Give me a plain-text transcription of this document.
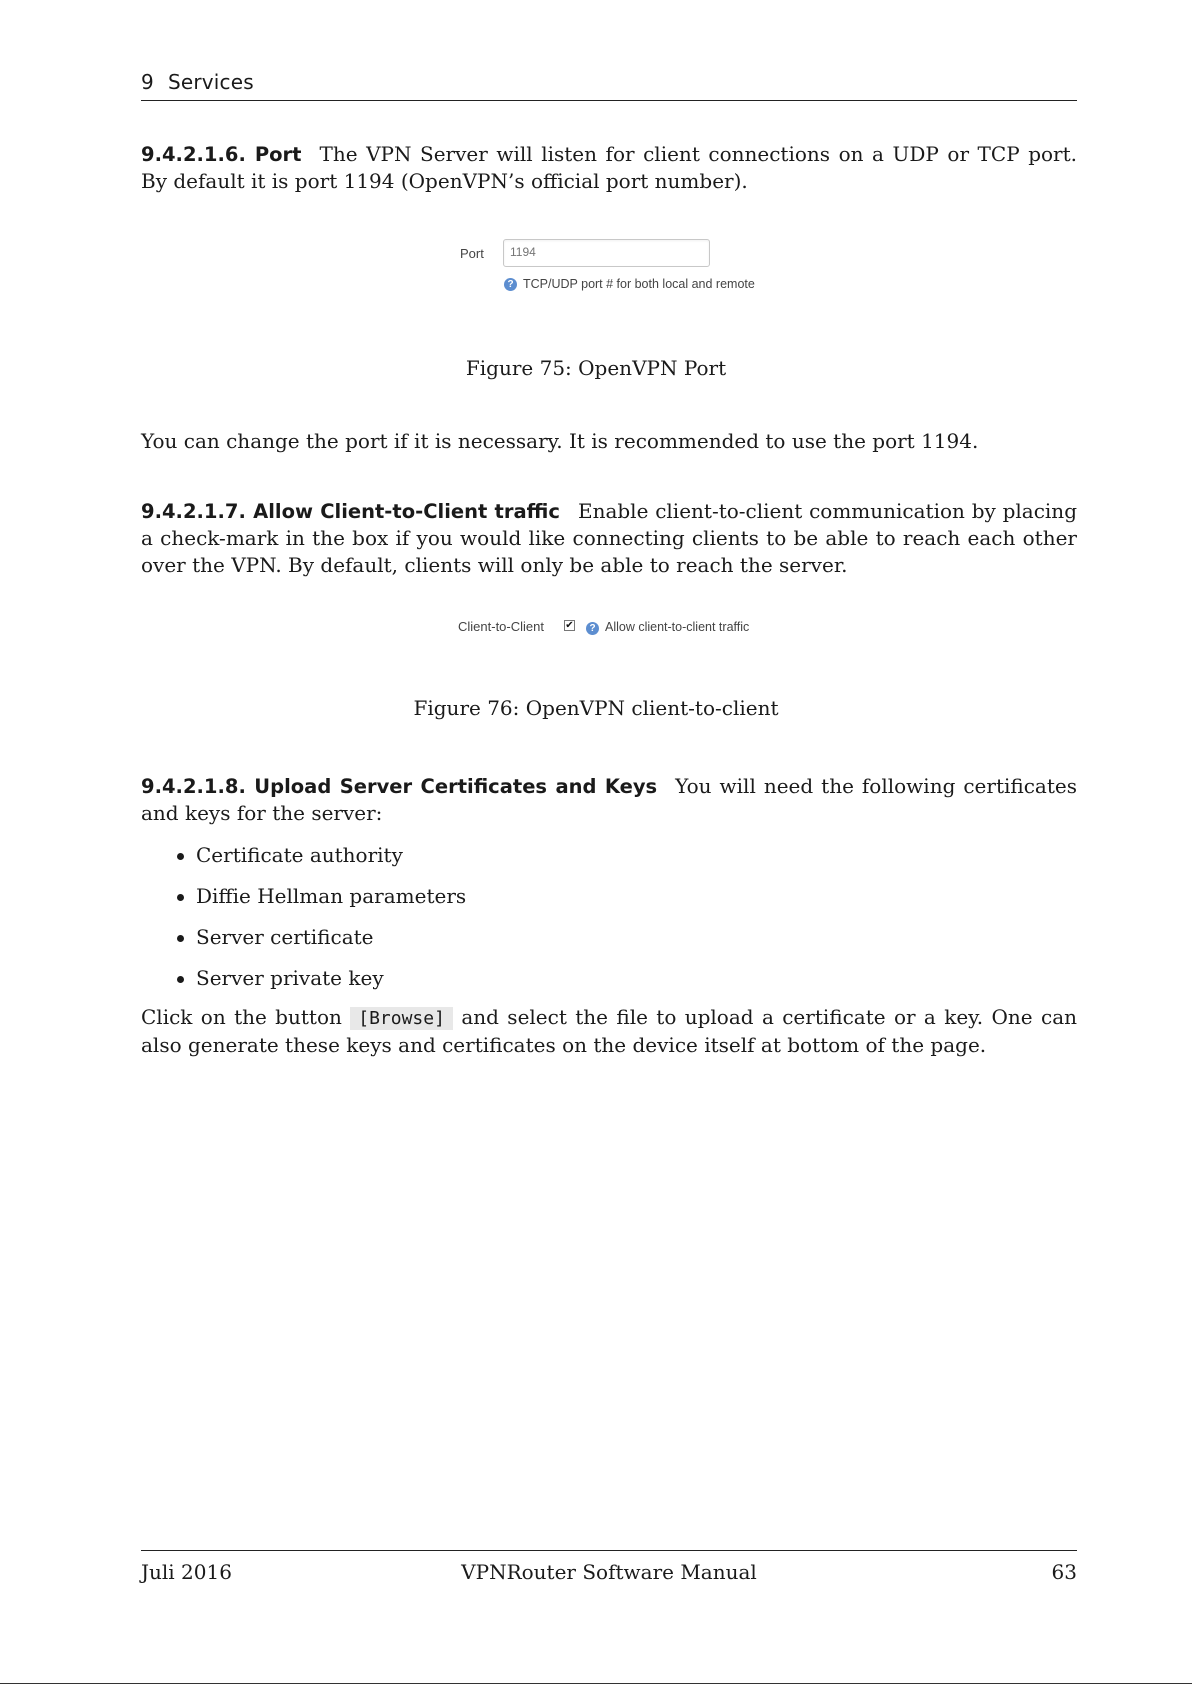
9 Services
9.4.2.1.6. Port The VPN Server will listen for client connections on a UDP or TCP port. By default it is port 1194 (OpenVPN’s official port number).
Port
1194
? TCP/UDP port # for both local and remote
Figure 75: OpenVPN Port
You can change the port if it is necessary. It is recommended to use the port 1194.
9.4.2.1.7. Allow Client-to-Client traffic Enable client-to-client communication by placing a check-mark in the box if you would like connecting clients to be able to reach each other over the VPN. By default, clients will only be able to reach the server.
Client-to-Client ✔	? Allow client-to-client traffic
Figure 76: OpenVPN client-to-client
9.4.2.1.8. Upload Server Certificates and Keys You will need the following certificates and keys for the server:
Certificate authority
Diffie Hellman parameters
Server certificate
Server private key
Click on the button [Browse] and select the file to upload a certificate or a key. One can also generate these keys and certificates on the device itself at bottom of the page.
Juli 2016	VPNRouter Software Manual	63
